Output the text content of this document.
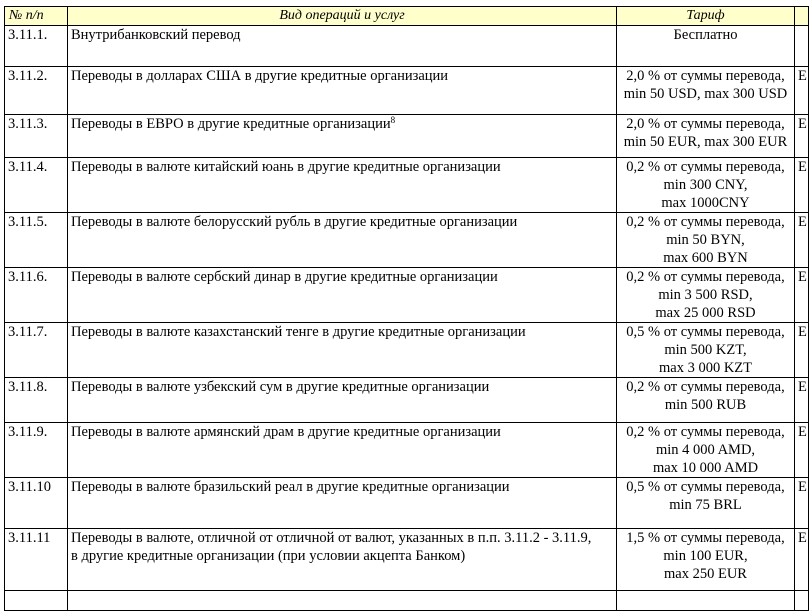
№ п/п	Вид операций и услуг	Тариф	
3.11.1.	Внутрибанковский перевод	Бесплатно	

3.11.2.	Переводы в долларах США в другие кредитные организации	2,0 % от суммы перевода,
min 50 USD, max 300 USD	Е
3.11.3.	Переводы в ЕВРО в другие кредитные организации$^8$	2,0 % от суммы перевода,
min 50 EUR, max 300 EUR	Е
3.11.4.	Переводы в валюте китайский юань в другие кредитные организации	0,2 % от суммы перевода,
min 300 CNY,
max 1000CNY	Е
3.11.5.	Переводы в валюте белорусский рубль в другие кредитные организации	0,2 % от суммы перевода,
min 50 BYN,
max 600 BYN	Е
3.11.6.	Переводы в валюте сербский динар в другие кредитные организации	0,2 % от суммы перевода,
min 3 500 RSD,
max 25 000 RSD	Е
3.11.7.	Переводы в валюте казахстанский тенге в другие кредитные организации	0,5 % от суммы перевода,
min 500 KZT,
max 3 000 KZT	Е
3.11.8.	Переводы в валюте узбекский сум в другие кредитные организации	0,2 % от суммы перевода,
min 500 RUB	Е
3.11.9.	Переводы в валюте армянский драм в другие кредитные организации	0,2 % от суммы перевода,
min 4 000 AMD,
max 10 000 AMD	Е
3.11.10	Переводы в валюте бразильский реал в другие кредитные организации	0,5 % от суммы перевода,
min 75 BRL	Е
3.11.11	Переводы в валюте, отличной от отличной от валют, указанных в п.п. 3.11.2 - 3.11.9,
в другие кредитные организации (при условии акцепта Банком)	1,5 % от суммы перевода,
min 100 EUR,
max 250 EUR	Е
